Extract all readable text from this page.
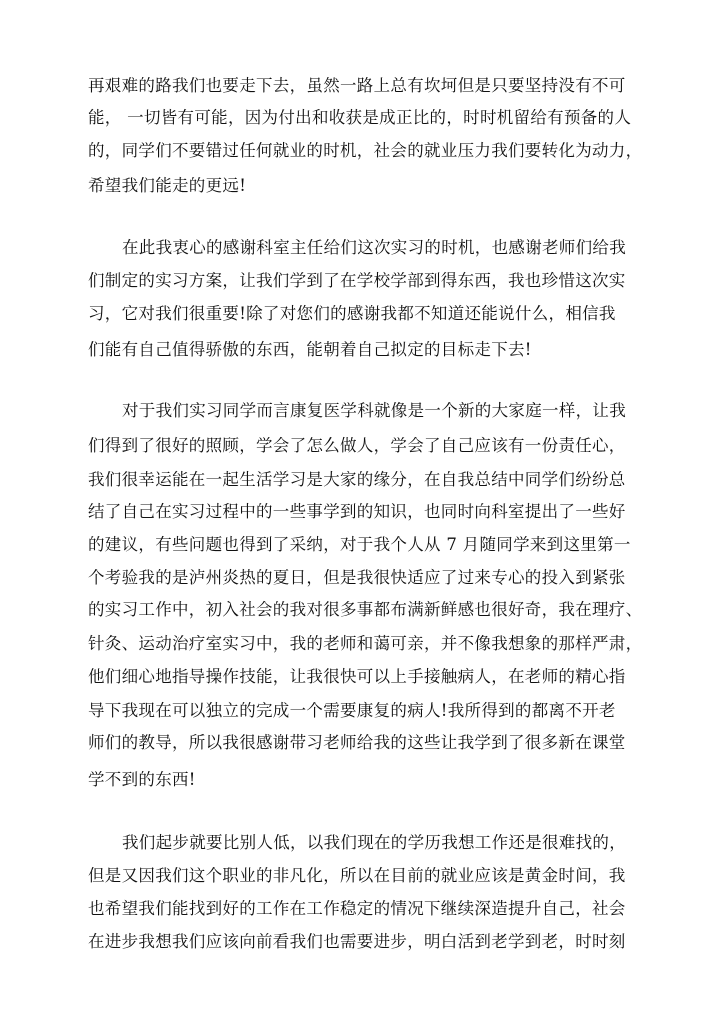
再艰难的路我们也要走下去，虽然一路上总有坎坷但是只要坚持没有不可
能， 一切皆有可能，因为付出和收获是成正比的，时时机留给有预备的人
的，同学们不要错过任何就业的时机，社会的就业压力我们要转化为动力，
希望我们能走的更远!
在此我衷心的感谢科室主任给们这次实习的时机，也感谢老师们给我
们制定的实习方案，让我们学到了在学校学部到得东西，我也珍惜这次实
习，它对我们很重要!除了对您们的感谢我都不知道还能说什么，相信我
们能有自己值得骄傲的东西，能朝着自己拟定的目标走下去!
对于我们实习同学而言康复医学科就像是一个新的大家庭一样，让我
们得到了很好的照顾，学会了怎么做人，学会了自己应该有一份责任心，
我们很幸运能在一起生活学习是大家的缘分，在自我总结中同学们纷纷总
结了自己在实习过程中的一些事学到的知识，也同时向科室提出了一些好
的建议，有些问题也得到了采纳，对于我个人从 7 月随同学来到这里第一
个考验我的是泸州炎热的夏日，但是我很快适应了过来专心的投入到紧张
的实习工作中，初入社会的我对很多事都布满新鲜感也很好奇，我在理疗、
针灸、运动治疗室实习中，我的老师和蔼可亲，并不像我想象的那样严肃，
他们细心地指导操作技能，让我很快可以上手接触病人，在老师的精心指
导下我现在可以独立的完成一个需要康复的病人!我所得到的都离不开老
师们的教导，所以我很感谢带习老师给我的这些让我学到了很多新在课堂
学不到的东西!
我们起步就要比别人低，以我们现在的学历我想工作还是很难找的，
但是又因我们这个职业的非凡化，所以在目前的就业应该是黄金时间，我
也希望我们能找到好的工作在工作稳定的情况下继续深造提升自己，社会
在进步我想我们应该向前看我们也需要进步，明白活到老学到老，时时刻
